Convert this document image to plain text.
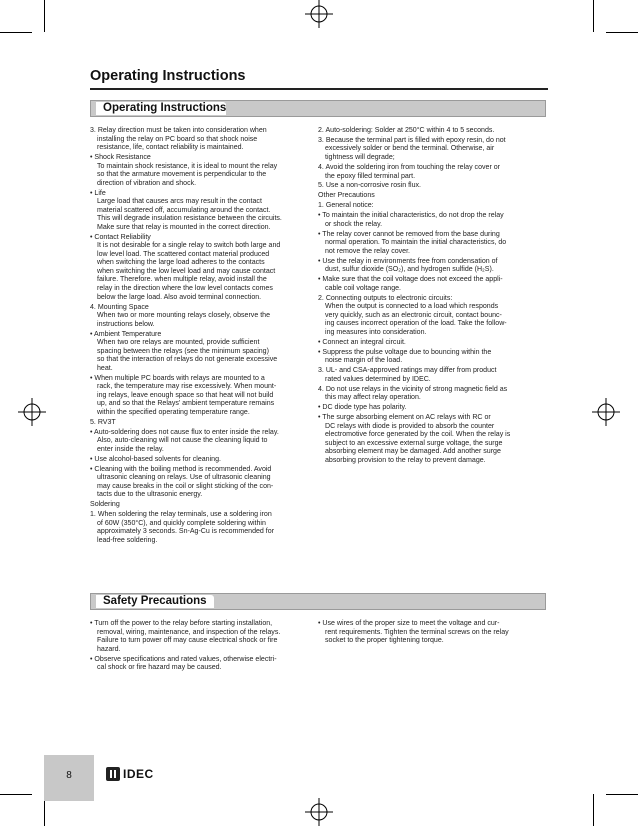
Operating Instructions
Operating Instructions

3. Relay direction must be taken into consideration when
installing the relay on PC board so that shock noise
resistance, life, contact reliability is maintained.

• Shock Resistance
To maintain shock resistance, it is ideal to mount the relay
so that the armature movement is perpendicular to the
direction of vibration and shock.

• Life
Large load that causes arcs may result in the contact
material scattered off, accumulating around the contact.
This will degrade insulation resistance between the circuits.
Make sure that relay is mounted in the correct direction.

• Contact Reliability
It is not desirable for a single relay to switch both large and
low level load. The scattered contact material produced
when switching the large load adheres to the contacts
when switching the low level load and may cause contact
failure. Therefore. when multiple relay, avoid install the
relay in the direction where the low level contacts comes
below the large load. Also avoid terminal connection.

4. Mounting Space
When two or more mounting relays closely, observe the
instructions below.

• Ambient Temperature
When two ore relays are mounted, provide sufficient
spacing between the relays (see the minimum spacing)
so that the interaction of relays do not generate excessive
heat.

• When multiple PC boards with relays are mounted to a
rack, the temperature may rise excessively. When mount-
ing relays, leave enough space so that heat will not build
up, and so that the Relays’ ambient temperature remains
within the specified operating temperature range.

5. RV3T

• Auto-soldering does not cause flux to enter inside the relay.
Also, auto-cleaning will not cause the cleaning liquid to
enter inside the relay.

• Use alcohol-based solvents for cleaning.

• Cleaning with the boiling method is recommended. Avoid
ultrasonic cleaning on relays. Use of ultrasonic cleaning
may cause breaks in the coil or slight sticking of the con-
tacts due to the ultrasonic energy.

Soldering

1. When soldering the relay terminals, use a soldering iron
of 60W (350°C), and quickly complete soldering within
approximately 3 seconds. Sn-Ag-Cu is recommended for
lead-free soldering.

2. Auto-soldering: Solder at 250°C within 4 to 5 seconds.

3. Because the terminal part is filled with epoxy resin, do not
excessively solder or bend the terminal. Otherwise, air
tightness will degrade;

4. Avoid the soldering iron from touching the relay cover or
the epoxy filled terminal part.

5. Use a non-corrosive rosin flux.

Other Precautions

1. General notice:

• To maintain the initial characteristics, do not drop the relay
or shock the relay.

• The relay cover cannot be removed from the base during
normal operation. To maintain the initial characteristics, do
not remove the relay cover.

• Use the relay in environments free from condensation of
dust, sulfur dioxide (SO₂), and hydrogen sulfide (H₂S).

• Make sure that the coil voltage does not exceed the appli-
cable coil voltage range.

2. Connecting outputs to electronic circuits:
When the output is connected to a load which responds
very quickly, such as an electronic circuit, contact bounc-
ing causes incorrect operation of the load. Take the follow-
ing measures into consideration.

• Connect an integral circuit.

• Suppress the pulse voltage due to bouncing within the
noise margin of the load.

3. UL- and CSA-approved ratings may differ from product
rated values determined by IDEC.

4. Do not use relays in the vicinity of strong magnetic field as
this may affect relay operation.

• DC diode type has polarity.

• The surge absorbing element on AC relays with RC or
DC relays with diode is provided to absorb the counter
electromotive force generated by the coil. When the relay is
subject to an excessive external surge voltage, the surge
absorbing element may be damaged. Add another surge
absorbing provision to the relay to prevent damage.

Safety Precautions

• Turn off the power to the relay before starting installation,
removal, wiring, maintenance, and inspection of the relays.
Failure to turn power off may cause electrical shock or fire
hazard.

• Observe specifications and rated values, otherwise electri-
cal shock or fire hazard may be caused.

• Use wires of the proper size to meet the voltage and cur-
rent requirements. Tighten the terminal screws on the relay
socket to the proper tightening torque.

8	IDEC
